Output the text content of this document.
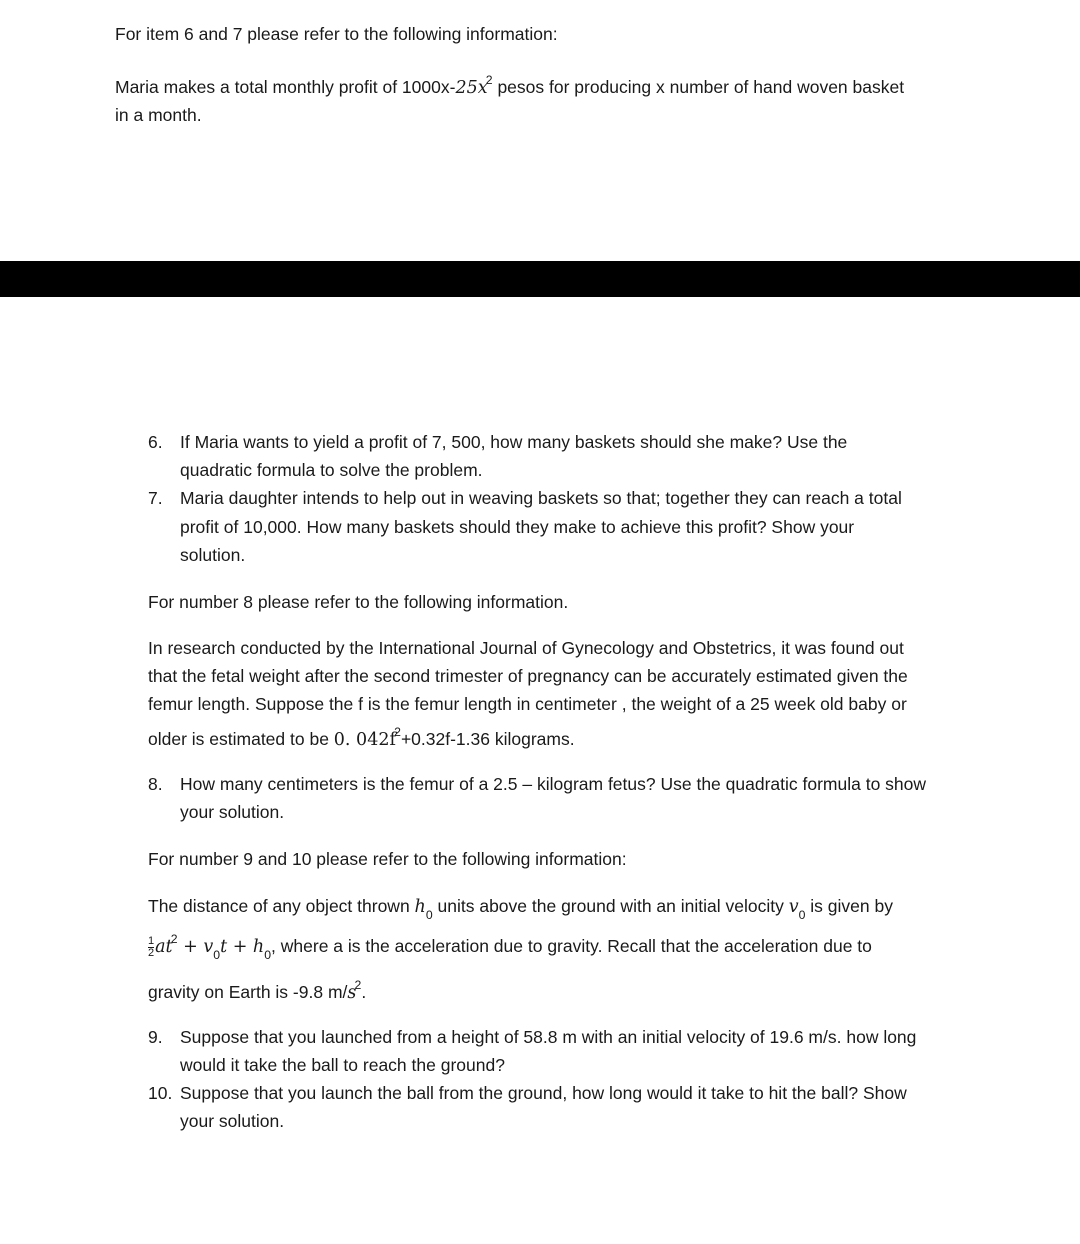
For item 6 and 7 please refer to the following information:
Maria makes a total monthly profit of $1000x-25x^2$ pesos for producing x number of hand woven basket
in a month.
6. If Maria wants to yield a profit of 7, 500, how many baskets should she make? Use the
quadratic formula to solve the problem.
7. Maria daughter intends to help out in weaving baskets so that; together they can reach a total
profit of 10,000. How many baskets should they make to achieve this profit? Show your
solution.
For number 8 please refer to the following information.
In research conducted by the International Journal of Gynecology and Obstetrics, it was found out
that the fetal weight after the second trimester of pregnancy can be accurately estimated given the
femur length. Suppose the f is the femur length in centimeter , the weight of a 25 week old baby or
older is estimated to be 0. $042f^2+0.32f-1.36$ kilograms.
8. How many centimeters is the femur of a 2.5 – kilogram fetus? Use the quadratic formula to show
your solution.
For number 9 and 10 please refer to the following information:
The distance of any object thrown $h_0$ units above the ground with an initial velocity $v_0$ is given by
$\frac{1}{2} at^2 + v_0t + h_0$, where a is the acceleration due to gravity. Recall that the acceleration due to
gravity on Earth is -9.8 $m/s^2$.
9. Suppose that you launched from a height of 58.8 m with an initial velocity of 19.6 m/s. how long
would it take the ball to reach the ground?
10. Suppose that you launch the ball from the ground, how long would it take to hit the ball? Show
your solution.
